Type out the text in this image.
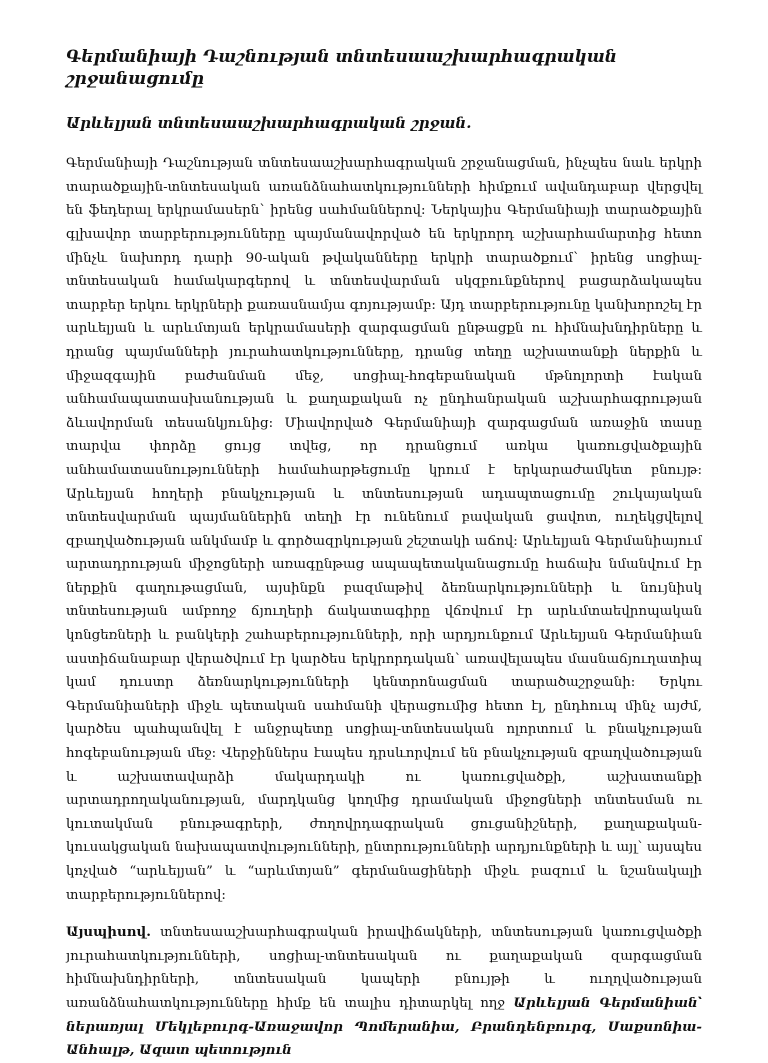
Գերմանիայի Դաշնության տնտեսաաշխարհագրական շրջանացումը
Արևելյան տնտեսաաշխարհագրական շրջան.

Գերմանիայի Դաշնության տնտեսաաշխարհագրական շրջանացման, ինչպես նաև երկրի տարածքային-տնտեսական առանձնահատկությունների հիմքում ավանդաբար վերցվել են ֆեդերալ երկրամասերն՝ իրենց սահմաններով: Ներկայիս Գերմանիայի տարածքային գլխավոր տարբերությունները պայմանավորված են երկրորդ աշխարհամարտից հետո մինչև նախորդ դարի 90-ական թվականները երկրի տարածքում՝ իրենց սոցիալ-տնտեսական համակարգերով և տնտեսվարման սկզբունքներով բացարձակապես տարբեր երկու երկրների քառասնամյա գոյությամբ: Այդ տարբերությունը կանխորոշել էր արևելյան և արևմտյան երկրամասերի զարգացման ընթացքն ու հիմնախնդիրները և դրանց պայմանների յուրահատկությունները, դրանց տեղը աշխատանքի ներքին և միջազգային բաժանման մեջ, սոցիալ-հոգեբանական մթնոլորտի էական անհամապատասխանության և քաղաքական ոչ ընդհանրական աշխարհագրության ձևավորման տեսանկյունից: Միավորված Գերմանիայի զարգացման առաջին տասը տարվա փորձը ցույց տվեց, որ դրանցում առկա կառուցվածքային անհամատասնությունների համահարթեցումը կրում է երկարաժամկետ բնույթ: Արևելյան հողերի բնակչության և տնտեսության ադապտացումը շուկայական տնտեսվարման պայմաններին տեղի էր ունենում բավական ցավոտ, ուղեկցվելով զբաղվածության անկմամբ և գործազրկության շեշտակի աճով: Արևելյան Գերմանիայում արտադրության միջոցների առագընթաց ապապետականացումը հաճախ նմանվում էր ներքին գաղութացման, այսինքն բազմաթիվ ձեռնարկությունների և նույնիսկ տնտեսության ամբողջ ճյուղերի ճակատագիրը վճռվում էր արևմտաեվրոպական կոնցեռների և բանկերի շահաբերությունների, որի արդյունքում Արևելյան Գերմանիան աստիճանաբար վերածվում էր կարծես երկրորդական՝ առավելապես մասնաճյուղատիպ կամ դուստր ձեռնարկությունների կենտրոնացման տարածաշրջանի: Երկու Գերմանիաների միջև պետական սահմանի վերացումից հետո էլ, ընդհուպ մինչ այժմ, կարծես պահպանվել է անջրպետը սոցիալ-տնտեսական ոլորտում և բնակչության հոգեբանության մեջ: Վերջիններս էապես դրսևորվում են բնակչության զբաղվածության և աշխատավարձի մակարդակի ու կառուցվածքի, աշխատանքի արտադրողականության, մարդկանց կողմից դրամական միջոցների տնտեսման ու կուտակման բնութագրերի, ժողովրդագրական ցուցանիշների, քաղաքական-կուսակցական նախապատվությունների, ընտրությունների արդյունքների և այլ՝ այսպես կոչված “արևելյան” և “արևմտյան” գերմանացիների միջև բազում և նշանակալի տարբերություններով:

Այսպիսով. տնտեսաաշխարհագրական իրավիճակների, տնտեսության կառուցվածքի յուրահատկությունների, սոցիալ-տնտեսական ու քաղաքական զարգացման հիմնախնդիրների, տնտեսական կապերի բնույթի և ուղղվածության առանձնահատկությունները հիմք են տալիս դիտարկել ողջ Արևելյան Գերմանիան՝ ներառյալ Մեկլեբուրգ-Առաջավոր Պոմերանիա, Բրանդենբուրգ, Սաքսոնիա-Անհալթ, Ազատ պետություն
